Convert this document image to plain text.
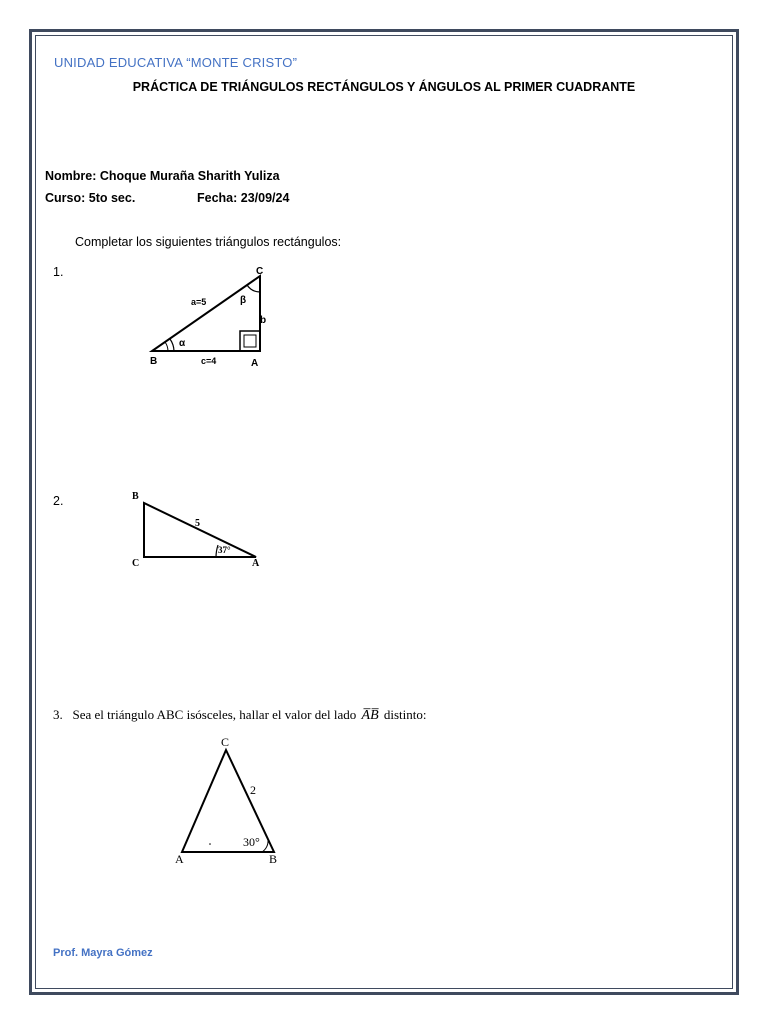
UNIDAD EDUCATIVA “MONTE CRISTO”
PRÁCTICA DE TRIÁNGULOS RECTÁNGULOS Y ÁNGULOS AL PRIMER CUADRANTE
Nombre: Choque Muraña Sharith Yuliza
Curso: 5to sec.	Fecha: 23/09/24
Completar los siguientes triángulos rectángulos:
1.
B	A
C
a=5
c=4
b
α
β
2.	B
C	A
5
37°
3. Sea el triángulo ABC isósceles, hallar el valor del lado A̅B̅ distinto:
C
A	B
2
30°
Prof. Mayra Gómez
